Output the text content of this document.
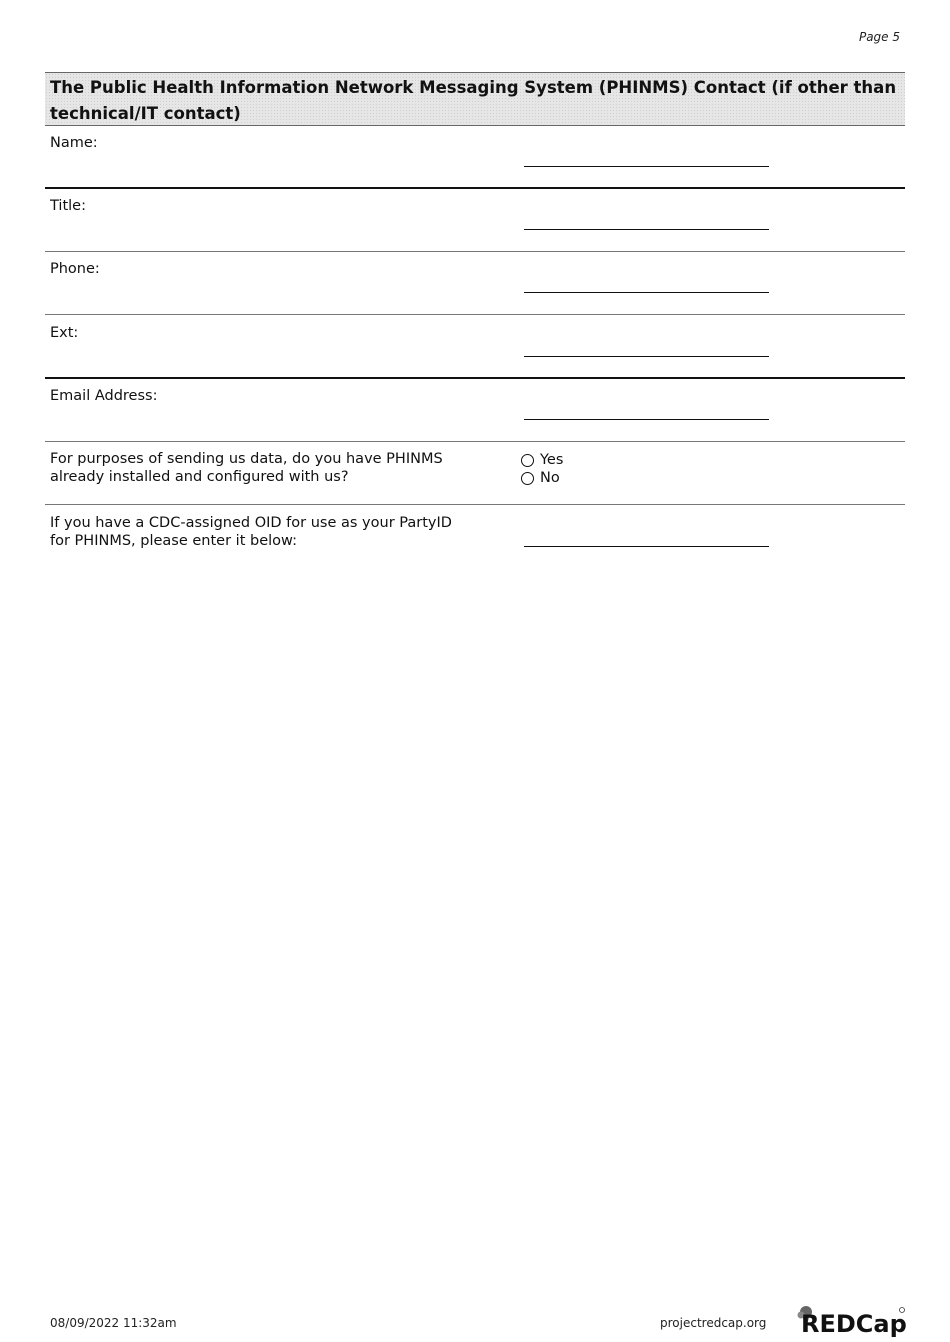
Page 5
The Public Health Information Network Messaging System (PHINMS) Contact (if other than technical/IT contact)
Name:
Title:
Phone:
Ext:
Email Address:
For purposes of sending us data, do you have PHINMS already installed and configured with us?
Yes
No
If you have a CDC-assigned OID for use as your PartyID for PHINMS, please enter it below:
08/09/2022 11:32am	projectredcap.org REDCap
